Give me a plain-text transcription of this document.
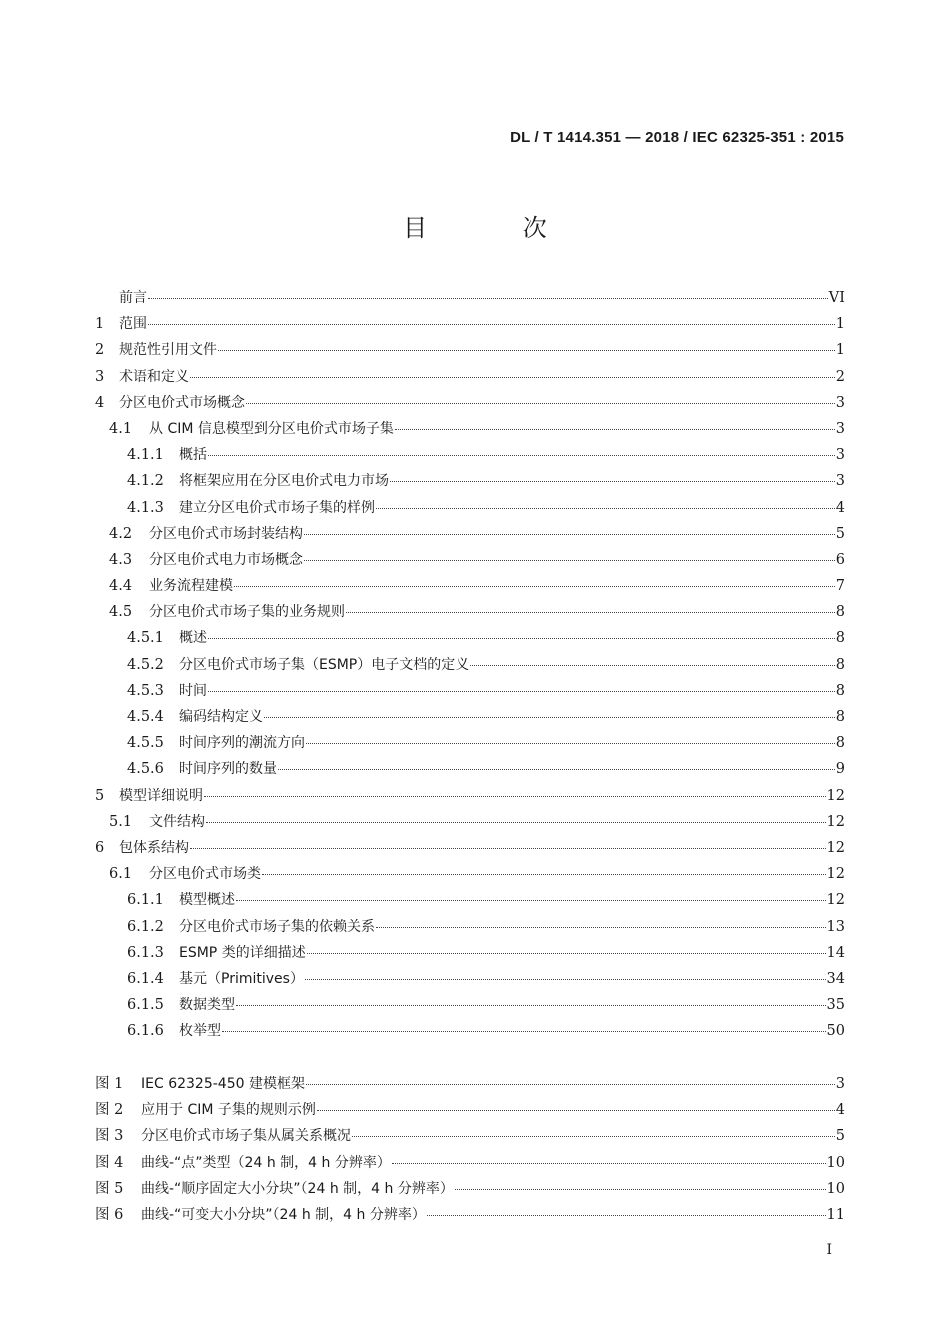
DL / T 1414.351 — 2018 / IEC 62325-351 : 2015
目 次
前言	VI
1	范围	1
2	规范性引用文件	1
3	术语和定义	2
4	分区电价式市场概念	3
4.1	从 CIM 信息模型到分区电价式市场子集	3
4.1.1	概括	3
4.1.2	将框架应用在分区电价式电力市场	3
4.1.3	建立分区电价式市场子集的样例	4
4.2	分区电价式市场封装结构	5
4.3	分区电价式电力市场概念	6
4.4	业务流程建模	7
4.5	分区电价式市场子集的业务规则	8
4.5.1	概述	8
4.5.2	分区电价式市场子集（ESMP）电子文档的定义	8
4.5.3	时间	8
4.5.4	编码结构定义	8
4.5.5	时间序列的潮流方向	8
4.5.6	时间序列的数量	9
5	模型详细说明	12
5.1	文件结构	12
6	包体系结构	12
6.1	分区电价式市场类	12
6.1.1	模型概述	12
6.1.2	分区电价式市场子集的依赖关系	13
6.1.3	ESMP 类的详细描述	14
6.1.4	基元（Primitives）	34
6.1.5	数据类型	35
6.1.6	枚举型	50
图 1	IEC 62325-450 建模框架	3
图 2	应用于 CIM 子集的规则示例	4
图 3	分区电价式市场子集从属关系概况	5
图 4	曲线-“点”类型（24 h 制，4 h 分辨率）	10
图 5	曲线-“顺序固定大小分块”（24 h 制，4 h 分辨率）	10
图 6	曲线-“可变大小分块”（24 h 制，4 h 分辨率）	11
I
